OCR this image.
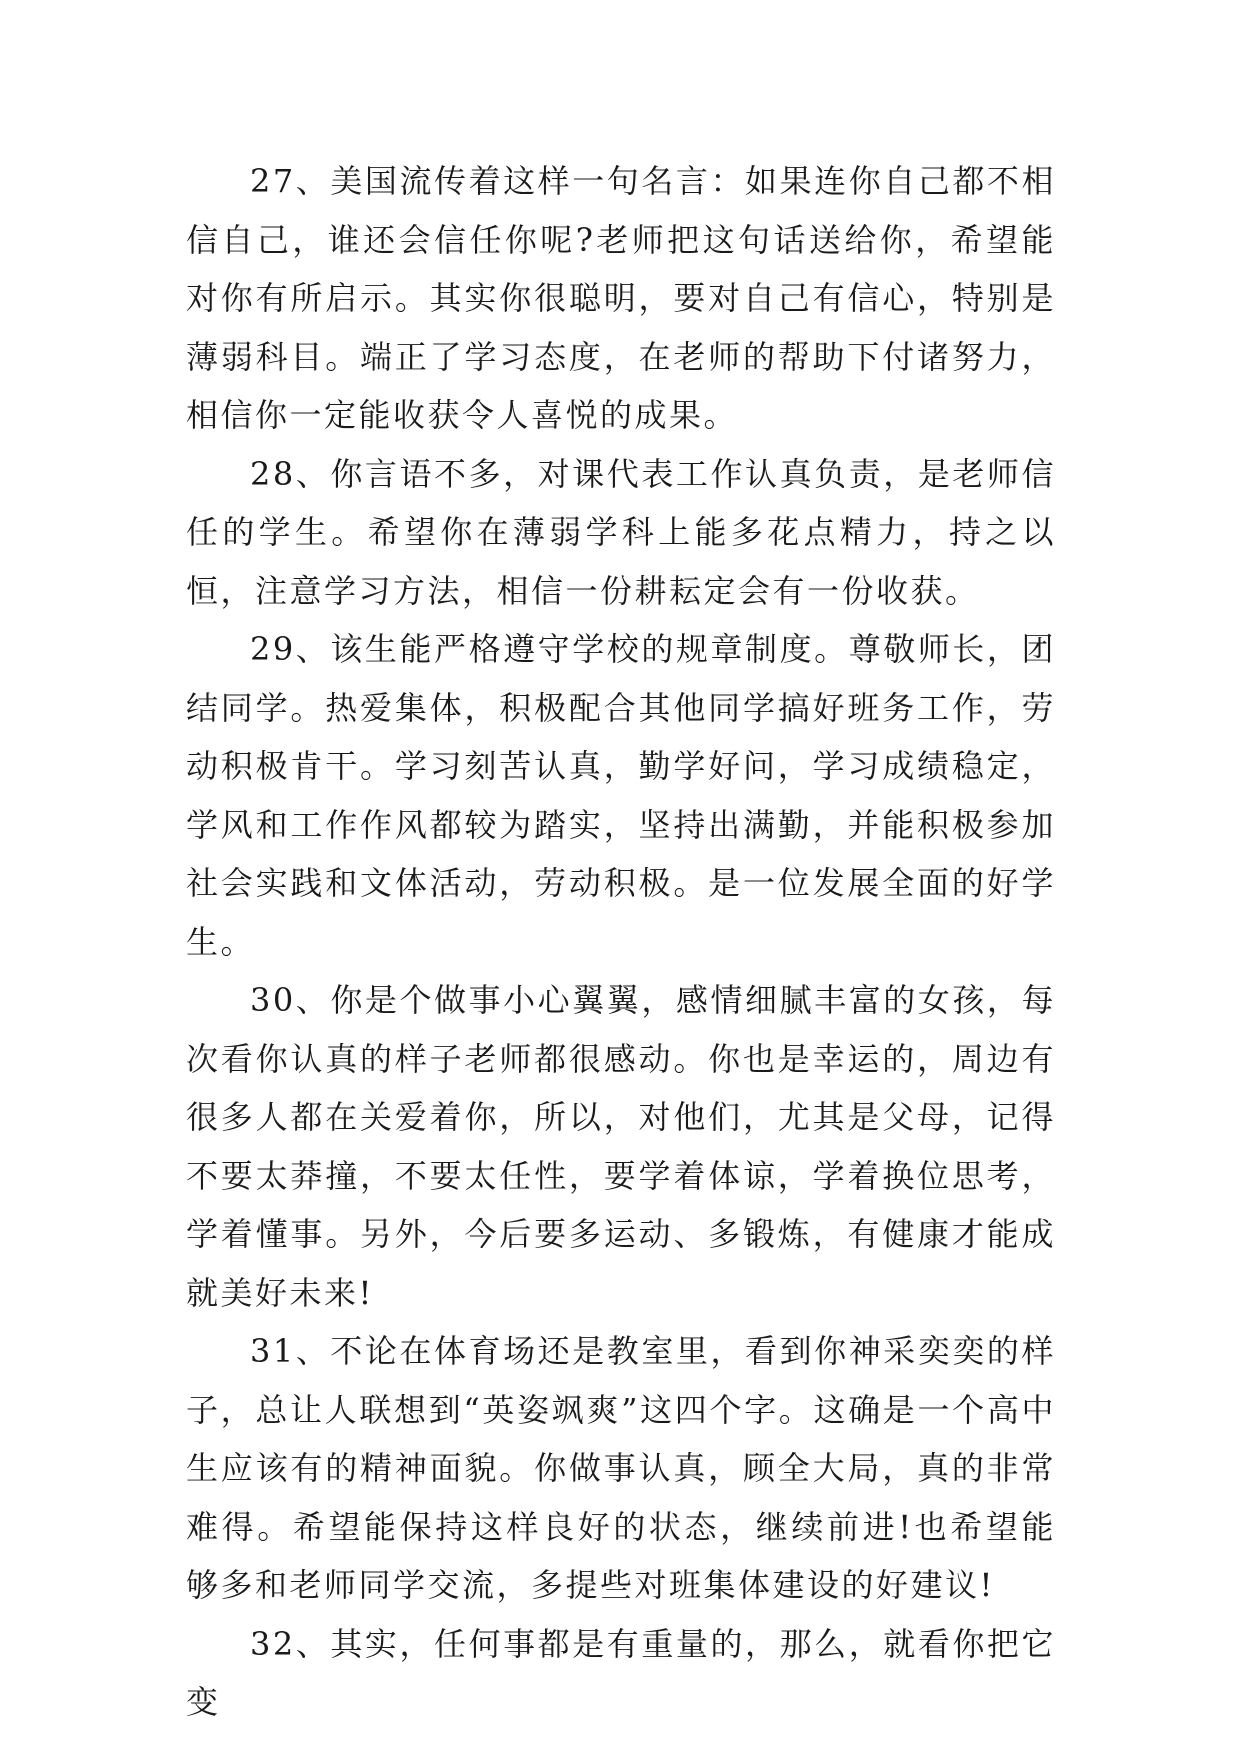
27、美国流传着这样一句名言：如果连你自己都不相信自己，谁还会信任你呢?老师把这句话送给你，希望能对你有所启示。其实你很聪明，要对自己有信心，特别是薄弱科目。端正了学习态度，在老师的帮助下付诸努力，相信你一定能收获令人喜悦的成果。

28、你言语不多，对课代表工作认真负责，是老师信任的学生。希望你在薄弱学科上能多花点精力，持之以恒，注意学习方法，相信一份耕耘定会有一份收获。

29、该生能严格遵守学校的规章制度。尊敬师长，团结同学。热爱集体，积极配合其他同学搞好班务工作，劳动积极肯干。学习刻苦认真，勤学好问，学习成绩稳定，学风和工作作风都较为踏实，坚持出满勤，并能积极参加社会实践和文体活动，劳动积极。是一位发展全面的好学生。

30、你是个做事小心翼翼，感情细腻丰富的女孩，每次看你认真的样子老师都很感动。你也是幸运的，周边有很多人都在关爱着你，所以，对他们，尤其是父母，记得不要太莽撞，不要太任性，要学着体谅，学着换位思考，学着懂事。另外，今后要多运动、多锻炼，有健康才能成就美好未来!

31、不论在体育场还是教室里，看到你神采奕奕的样子，总让人联想到“英姿飒爽”这四个字。这确是一个高中生应该有的精神面貌。你做事认真，顾全大局，真的非常难得。希望能保持这样良好的状态，继续前进!也希望能够多和老师同学交流，多提些对班集体建设的好建议!

32、其实，任何事都是有重量的，那么，就看你把它变
